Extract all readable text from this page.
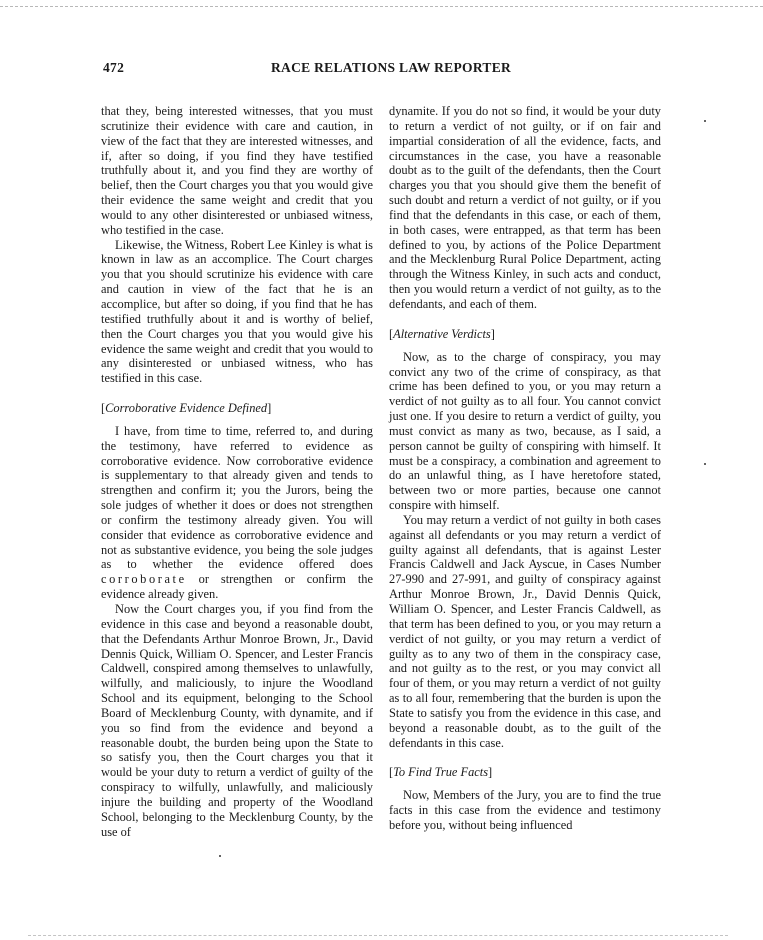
472	RACE RELATIONS LAW REPORTER

that they, being interested witnesses, that you must scrutinize their evidence with care and caution, in view of the fact that they are interested witnesses, and if, after so doing, if you find they have testified truthfully about it, and you find they are worthy of belief, then the Court charges you that you would give their evidence the same weight and credit that you would to any other disinterested or unbiased witness, who testified in the case.

Likewise, the Witness, Robert Lee Kinley is what is known in law as an accomplice. The Court charges you that you should scrutinize his evidence with care and caution in view of the fact that he is an accomplice, but after so doing, if you find that he has testified truthfully about it and is worthy of belief, then the Court charges you that you would give his evidence the same weight and credit that you would to any disinterested or unbiased witness, who has testified in this case.

[Corroborative Evidence Defined]

I have, from time to time, referred to, and during the testimony, have referred to evidence as corroborative evidence. Now corroborative evidence is supplementary to that already given and tends to strengthen and confirm it; you the Jurors, being the sole judges of whether it does or does not strengthen or confirm the testimony already given. You will consider that evidence as corroborative evidence and not as substantive evidence, you being the sole judges as to whether the evidence offered does corroborate or strengthen or confirm the evidence already given.

Now the Court charges you, if you find from the evidence in this case and beyond a reasonable doubt, that the Defendants Arthur Monroe Brown, Jr., David Dennis Quick, William O. Spencer, and Lester Francis Caldwell, conspired among themselves to unlawfully, wilfully, and maliciously, to injure the Woodland School and its equipment, belonging to the School Board of Mecklenburg County, with dynamite, and if you so find from the evidence and beyond a reasonable doubt, the burden being upon the State to so satisfy you, then the Court charges you that it would be your duty to return a verdict of guilty of the conspiracy to wilfully, unlawfully, and maliciously injure the building and property of the Woodland School, belonging to the Mecklenburg County, by the use of

dynamite. If you do not so find, it would be your duty to return a verdict of not guilty, or if on fair and impartial consideration of all the evidence, facts, and circumstances in the case, you have a reasonable doubt as to the guilt of the defendants, then the Court charges you that you should give them the benefit of such doubt and return a verdict of not guilty, or if you find that the defendants in this case, or each of them, in both cases, were entrapped, as that term has been defined to you, by actions of the Police Department and the Mecklenburg Rural Police Department, acting through the Witness Kinley, in such acts and conduct, then you would return a verdict of not guilty, as to the defendants, and each of them.

[Alternative Verdicts]

Now, as to the charge of conspiracy, you may convict any two of the crime of conspiracy, as that crime has been defined to you, or you may return a verdict of not guilty as to all four. You cannot convict just one. If you desire to return a verdict of guilty, you must convict as many as two, because, as I said, a person cannot be guilty of conspiring with himself. It must be a conspiracy, a combination and agreement to do an unlawful thing, as I have heretofore stated, between two or more parties, because one cannot conspire with himself.

You may return a verdict of not guilty in both cases against all defendants or you may return a verdict of guilty against all defendants, that is against Lester Francis Caldwell and Jack Ayscue, in Cases Number 27-990 and 27-991, and guilty of conspiracy against Arthur Monroe Brown, Jr., David Dennis Quick, William O. Spencer, and Lester Francis Caldwell, as that term has been defined to you, or you may return a verdict of not guilty, or you may return a verdict of guilty as to any two of them in the conspiracy case, and not guilty as to the rest, or you may convict all four of them, or you may return a verdict of not guilty as to all four, remembering that the burden is upon the State to satisfy you from the evidence in this case, and beyond a reasonable doubt, as to the guilt of the defendants in this case.

[To Find True Facts]

Now, Members of the Jury, you are to find the true facts in this case from the evidence and testimony before you, without being influenced
